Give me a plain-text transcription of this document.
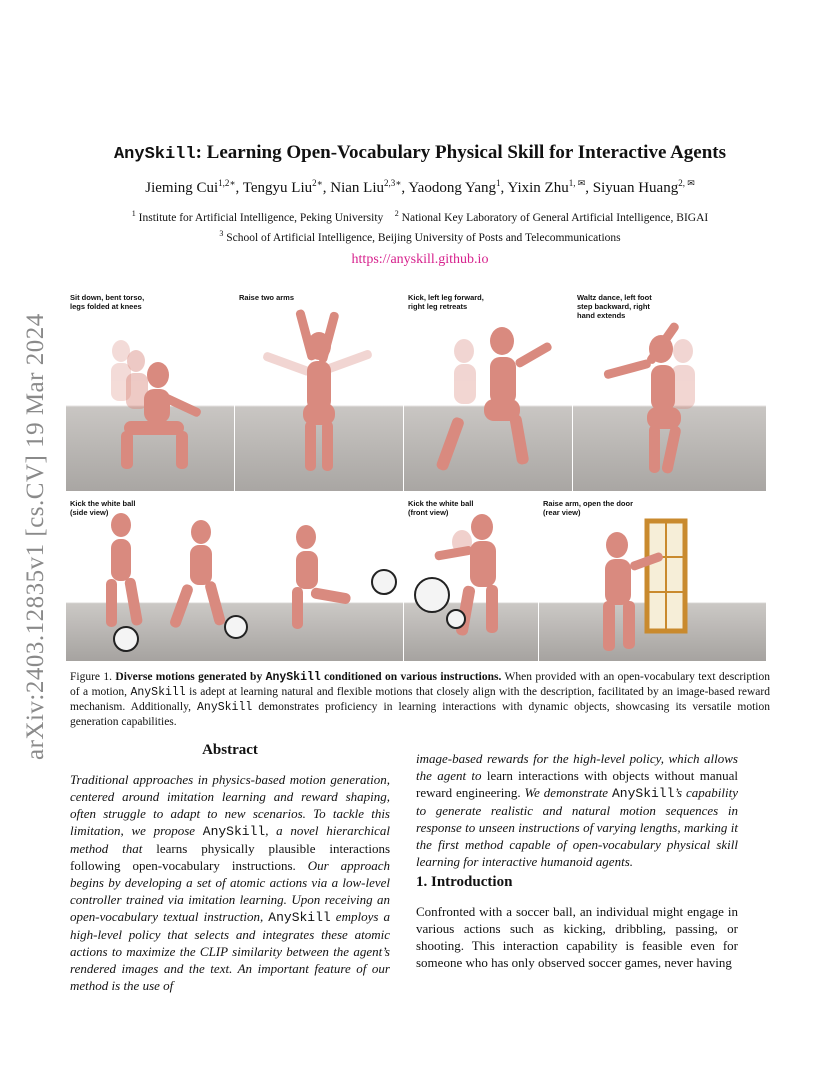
arXiv:2403.12835v1 [cs.CV] 19 Mar 2024
AnySkill: Learning Open-Vocabulary Physical Skill for Interactive Agents
Jieming Cui$^{1,2∗}$, Tengyu Liu$^{2∗}$, Nian Liu$^{2,3∗}$, Yaodong Yang$^1$, Yixin Zhu$^{1, ✉}$, Siyuan Huang$^{2, ✉}$
$^1$ Institute for Artificial Intelligence, Peking University $^2$ National Key Laboratory of General Artificial Intelligence, BIGAI
$^3$ School of Artificial Intelligence, Beijing University of Posts and Telecommunications
https://anyskill.github.io
Sit down, bent torso,
legs folded at knees
Raise two arms	Kick, left leg forward,
right leg retreats
Waltz dance, left foot
step backward, right
hand extends
Kick the white ball
(side view)
Kick the white ball
(front view)
Raise arm, open the door
(rear view)
Figure 1. Diverse motions generated by AnySkill conditioned on various instructions. When provided with an open-vocabulary text description of a motion, AnySkill is adept at learning natural and flexible motions that closely align with the description, facilitated by an image-based reward mechanism. Additionally, AnySkill demonstrates proficiency in learning interactions with dynamic objects, showcasing its versatile motion generation capabilities.
Abstract

Traditional approaches in physics-based motion generation, centered around imitation learning and reward shaping, often struggle to adapt to new scenarios. To tackle this limitation, we propose AnySkill, a novel hierarchical method that learns physically plausible interactions following open-vocabulary instructions. Our approach begins by developing a set of atomic actions via a low-level controller trained via imitation learning. Upon receiving an open-vocabulary textual instruction, AnySkill employs a high-level policy that selects and integrates these atomic actions to maximize the CLIP similarity between the agent’s rendered images and the text. An important feature of our method is the use of

image-based rewards for the high-level policy, which allows the agent to learn interactions with objects without manual reward engineering. We demonstrate AnySkill’s capability to generate realistic and natural motion sequences in response to unseen instructions of varying lengths, marking it the first method capable of open-vocabulary physical skill learning for interactive humanoid agents.

1. Introduction

Confronted with a soccer ball, an individual might engage in various actions such as kicking, dribbling, passing, or shooting. This interaction capability is feasible even for someone who has only observed soccer games, never having
